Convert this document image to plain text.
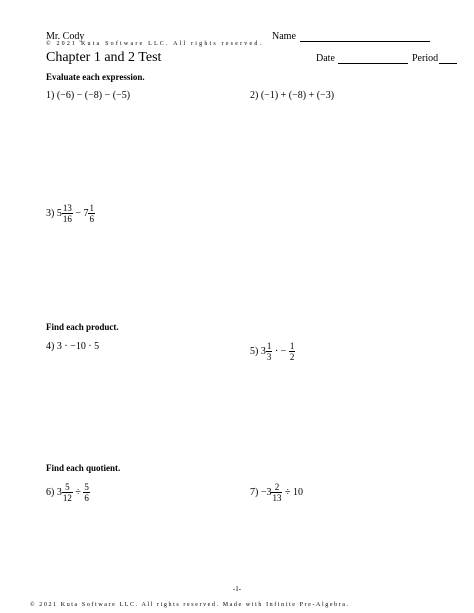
Mr. Cody
© 2021 Kuta Software LLC. All rights reserved.
Name
Chapter 1 and 2 Test	Date	Period
Evaluate each expression.
1) (−6) − (−8) − (−5)	2) (−1) + (−8) + (−3)
3) $5 \frac{13}{16} - 7 \frac{1}{6}$
Find each product.
4) 3 · −10 · 5	5) $3 \frac{1}{3}$ · − $\frac{1}{2}$
Find each quotient.
6) $3 \frac{5}{12} \div \frac{5}{6}$	$7) -3 \frac{2}{13} \div 10$
-1-
© 2021 Kuta Software LLC. All rights reserved. Made with Infinite Pre-Algebra.
